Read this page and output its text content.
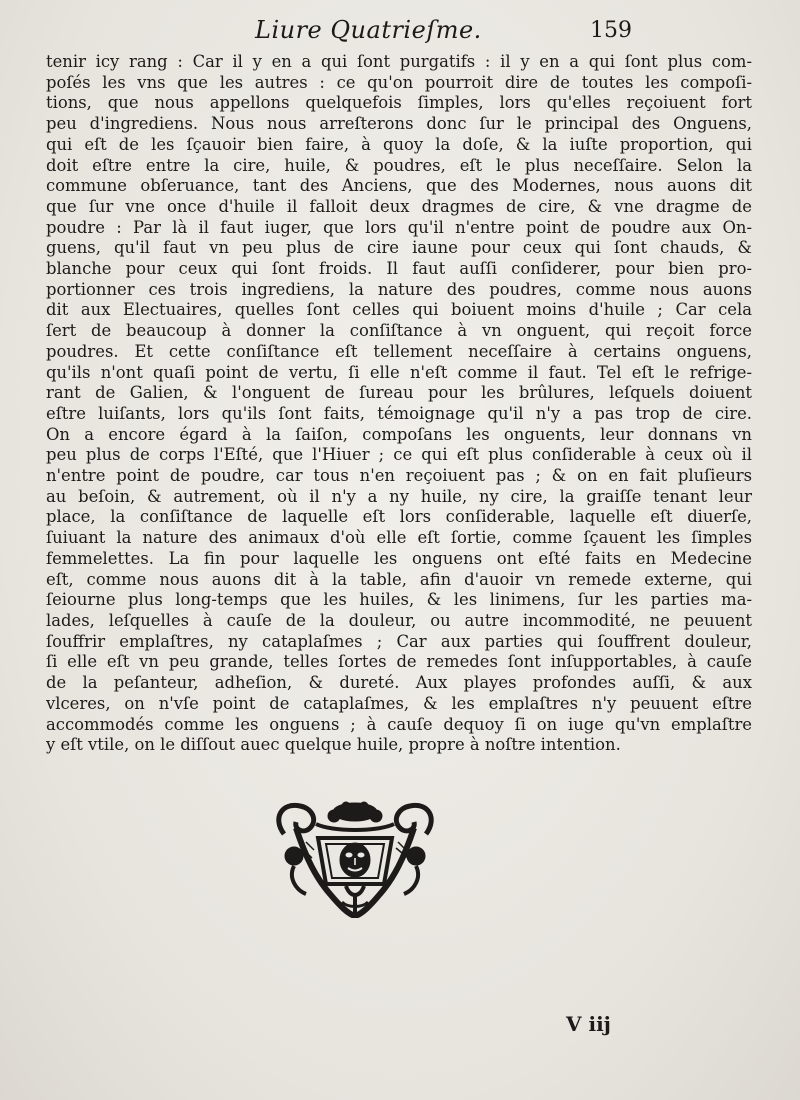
Liure Quatrieſme.	159
tenir icy rang : Car il y en a qui ſont purgatifs : il y en a qui ſont plus com-
poſés les vns que les autres : ce qu'on pourroit dire de toutes les compoſi-
tions, que nous appellons quelquefois ſimples, lors qu'elles reçoiuent fort
peu d'ingrediens. Nous nous arreſterons donc ſur le principal des Onguens,
qui eſt de les ſçauoir bien faire, à quoy la doſe, & la iuſte proportion, qui
doit eſtre entre la cire, huile, & poudres, eſt le plus neceſſaire. Selon la
commune obſeruance, tant des Anciens, que des Modernes, nous auons dit
que ſur vne once d'huile il falloit deux dragmes de cire, & vne dragme de
poudre : Par là il faut iuger, que lors qu'il n'entre point de poudre aux On-
guens, qu'il faut vn peu plus de cire iaune pour ceux qui ſont chauds, &
blanche pour ceux qui ſont froids. Il faut auſſi conſiderer, pour bien pro-
portionner ces trois ingrediens, la nature des poudres, comme nous auons
dit aux Electuaires, quelles ſont celles qui boiuent moins d'huile ; Car cela
ſert de beaucoup à donner la conſiſtance à vn onguent, qui reçoit force
poudres. Et cette conſiſtance eſt tellement neceſſaire à certains onguens,
qu'ils n'ont quaſi point de vertu, ſi elle n'eſt comme il faut. Tel eſt le refrige-
rant de Galien, & l'onguent de ſureau pour les brûlures, leſquels doiuent
eſtre luiſants, lors qu'ils ſont faits, témoignage qu'il n'y a pas trop de cire.
On a encore égard à la ſaiſon, compoſans les onguents, leur donnans vn
peu plus de corps l'Eſté, que l'Hiuer ; ce qui eſt plus conſiderable à ceux où il
n'entre point de poudre, car tous n'en reçoiuent pas ; & on en fait pluſieurs
au beſoin, & autrement, où il n'y a ny huile, ny cire, la graiſſe tenant leur
place, la conſiſtance de laquelle eſt lors conſiderable, laquelle eſt diuerſe,
ſuiuant la nature des animaux d'où elle eſt ſortie, comme ſçauent les ſimples
femmelettes. La fin pour laquelle les onguens ont eſté faits en Medecine
eſt, comme nous auons dit à la table, afin d'auoir vn remede externe, qui
ſeiourne plus long-temps que les huiles, & les linimens, ſur les parties ma-
lades, leſquelles à cauſe de la douleur, ou autre incommodité, ne peuuent
ſouffrir emplaſtres, ny cataplaſmes ; Car aux parties qui ſouffrent douleur,
ſi elle eſt vn peu grande, telles ſortes de remedes ſont inſupportables, à cauſe
de la peſanteur, adheſion, & dureté. Aux playes profondes auſſi, & aux
vlceres, on n'vſe point de cataplaſmes, & les emplaſtres n'y peuuent eſtre
accommodés comme les onguens ; à cauſe dequoy ſi on iuge qu'vn emplaſtre
y eſt vtile, on le diſſout auec quelque huile, propre à noſtre intention.
V iij
